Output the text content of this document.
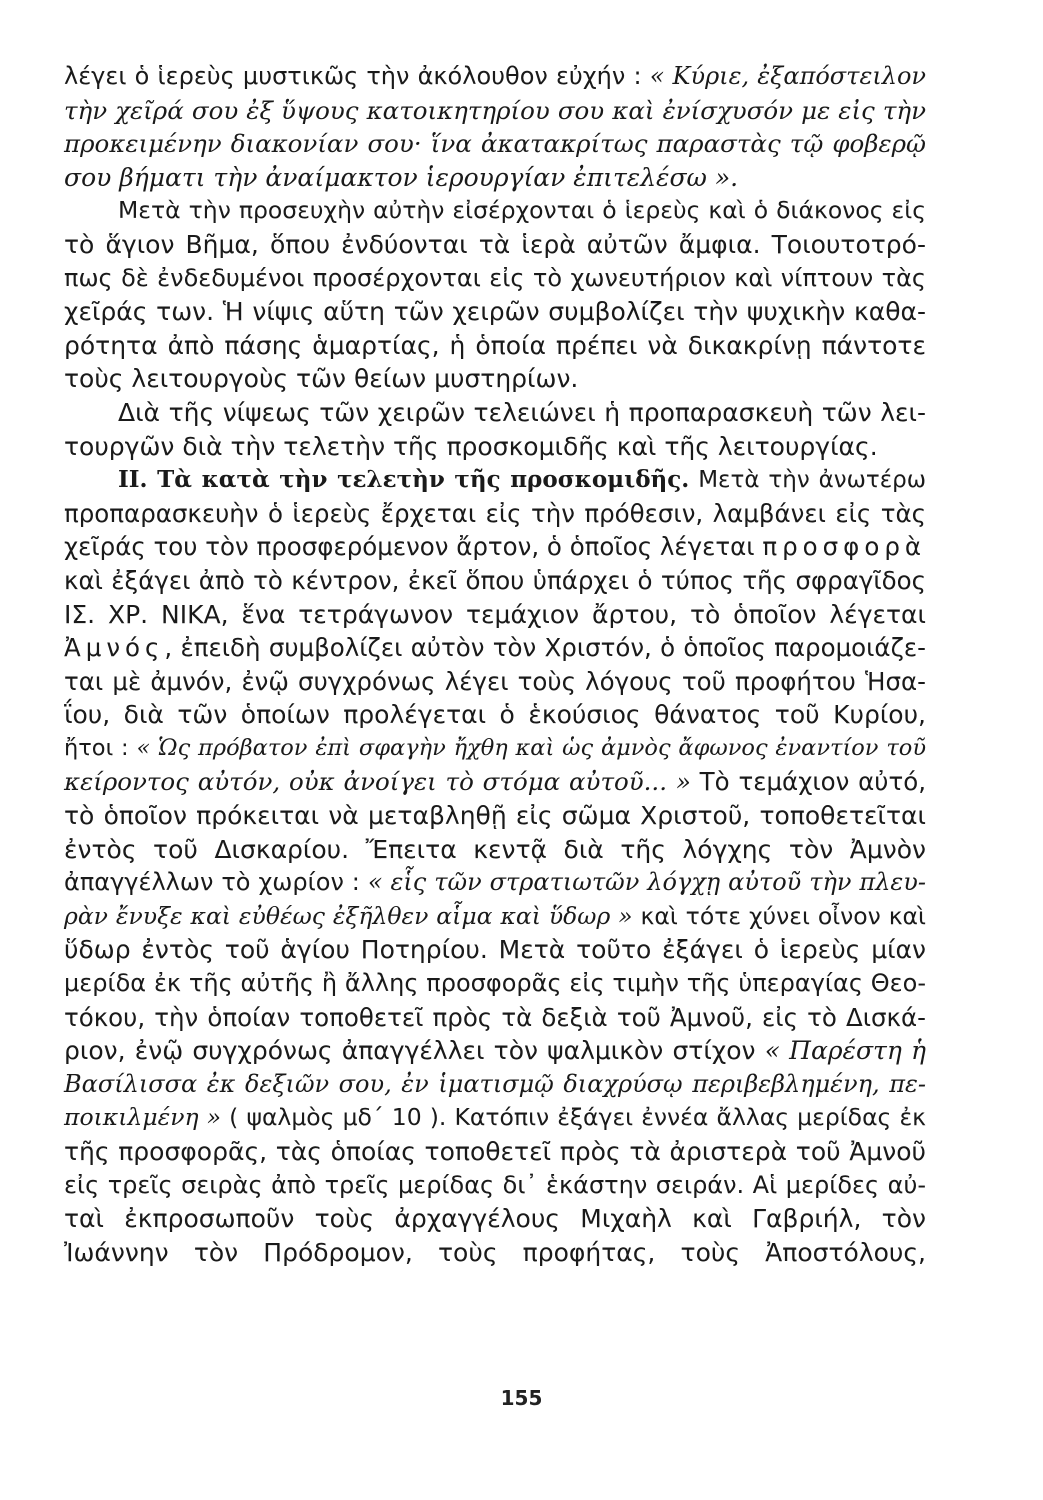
λέγει ὁ ἱερεὺς μυστικῶς τὴν ἀκόλουθον εὐχήν : « Κύριε, ἐξαπόστειλον
τὴν χεῖρά σου ἐξ ὕψους κατοικητηρίου σου καὶ ἐνίσχυσόν με εἰς τὴν
προκειμένην διακονίαν σου· ἵνα ἀκατακρίτως παραστὰς τῷ φοβερῷ
σου βήματι τὴν ἀναίμακτον ἱερουργίαν ἐπιτελέσω ».
Μετὰ τὴν προσευχὴν αὐτὴν εἰσέρχονται ὁ ἱερεὺς καὶ ὁ διάκονος εἰς
τὸ ἅγιον Βῆμα, ὅπου ἐνδύονται τὰ ἱερὰ αὐτῶν ἄμφια. Τοιουτοτρό-
πως δὲ ἐνδεδυμένοι προσέρχονται εἰς τὸ χωνευτήριον καὶ νίπτουν τὰς
χεῖράς των. Ἡ νίψις αὕτη τῶν χειρῶν συμβολίζει τὴν ψυχικὴν καθα-
ρότητα ἀπὸ πάσης ἁμαρτίας, ἡ ὁποία πρέπει νὰ δικακρίνῃ πάντοτε
τοὺς λειτουργοὺς τῶν θείων μυστηρίων.
Διὰ τῆς νίψεως τῶν χειρῶν τελειώνει ἡ προπαρασκευὴ τῶν λει-
τουργῶν διὰ τὴν τελετὴν τῆς προσκομιδῆς καὶ τῆς λειτουργίας.
ΙΙ. Τὰ κατὰ τὴν τελετὴν τῆς προσκομιδῆς. Μετὰ τὴν ἀνωτέρω
προπαρασκευὴν ὁ ἱερεὺς ἔρχεται εἰς τὴν πρόθεσιν, λαμβάνει εἰς τὰς
χεῖράς του τὸν προσφερόμενον ἄρτον, ὁ ὁποῖος λέγεται προσφορὰ
καὶ ἐξάγει ἀπὸ τὸ κέντρον, ἐκεῖ ὅπου ὑπάρχει ὁ τύπος τῆς σφραγῖδος
ΙΣ. ΧΡ. ΝΙΚΑ, ἕνα τετράγωνον τεμάχιον ἄρτου, τὸ ὁποῖον λέγεται
Ἀμνός, ἐπειδὴ συμβολίζει αὐτὸν τὸν Χριστόν, ὁ ὁποῖος παρομοιάζε-
ται μὲ ἀμνόν, ἐνῷ συγχρόνως λέγει τοὺς λόγους τοῦ προφήτου Ἡσα-
ΐου, διὰ τῶν ὁποίων προλέγεται ὁ ἑκούσιος θάνατος τοῦ Κυρίου,
ἤτοι : « Ὡς πρόβατον ἐπὶ σφαγὴν ἤχθη καὶ ὡς ἀμνὸς ἄφωνος ἐναντίον τοῦ
κείροντος αὐτόν, οὐκ ἀνοίγει τὸ στόμα αὐτοῦ... » Τὸ τεμάχιον αὐτό,
τὸ ὁποῖον πρόκειται νὰ μεταβληθῇ εἰς σῶμα Χριστοῦ, τοποθετεῖται
ἐντὸς τοῦ Δισκαρίου. Ἔπειτα κεντᾷ διὰ τῆς λόγχης τὸν Ἀμνὸν
ἀπαγγέλλων τὸ χωρίον : « εἷς τῶν στρατιωτῶν λόγχῃ αὐτοῦ τὴν πλευ-
ρὰν ἔνυξε καὶ εὐθέως ἐξῆλθεν αἷμα καὶ ὕδωρ » καὶ τότε χύνει οἶνον καὶ
ὕδωρ ἐντὸς τοῦ ἁγίου Ποτηρίου. Μετὰ τοῦτο ἐξάγει ὁ ἱερεὺς μίαν
μερίδα ἐκ τῆς αὐτῆς ἢ ἄλλης προσφορᾶς εἰς τιμὴν τῆς ὑπεραγίας Θεο-
τόκου, τὴν ὁποίαν τοποθετεῖ πρὸς τὰ δεξιὰ τοῦ Ἀμνοῦ, εἰς τὸ Δισκά-
ριον, ἐνῷ συγχρόνως ἀπαγγέλλει τὸν ψαλμικὸν στίχον « Παρέστη ἡ
Βασίλισσα ἐκ δεξιῶν σου, ἐν ἱματισμῷ διαχρύσῳ περιβεβλημένη, πε-
ποικιλμένη » ( ψαλμὸς μδ΄ 10 ). Κατόπιν ἐξάγει ἐννέα ἄλλας μερίδας ἐκ
τῆς προσφορᾶς, τὰς ὁποίας τοποθετεῖ πρὸς τὰ ἀριστερὰ τοῦ Ἀμνοῦ
εἰς τρεῖς σειρὰς ἀπὸ τρεῖς μερίδας δι᾽ ἑκάστην σειράν. Αἱ μερίδες αὐ-
ταὶ ἐκπροσωποῦν τοὺς ἀρχαγγέλους Μιχαὴλ καὶ Γαβριήλ, τὸν
Ἰωάννην τὸν Πρόδρομον, τοὺς προφήτας, τοὺς Ἀποστόλους,
155
